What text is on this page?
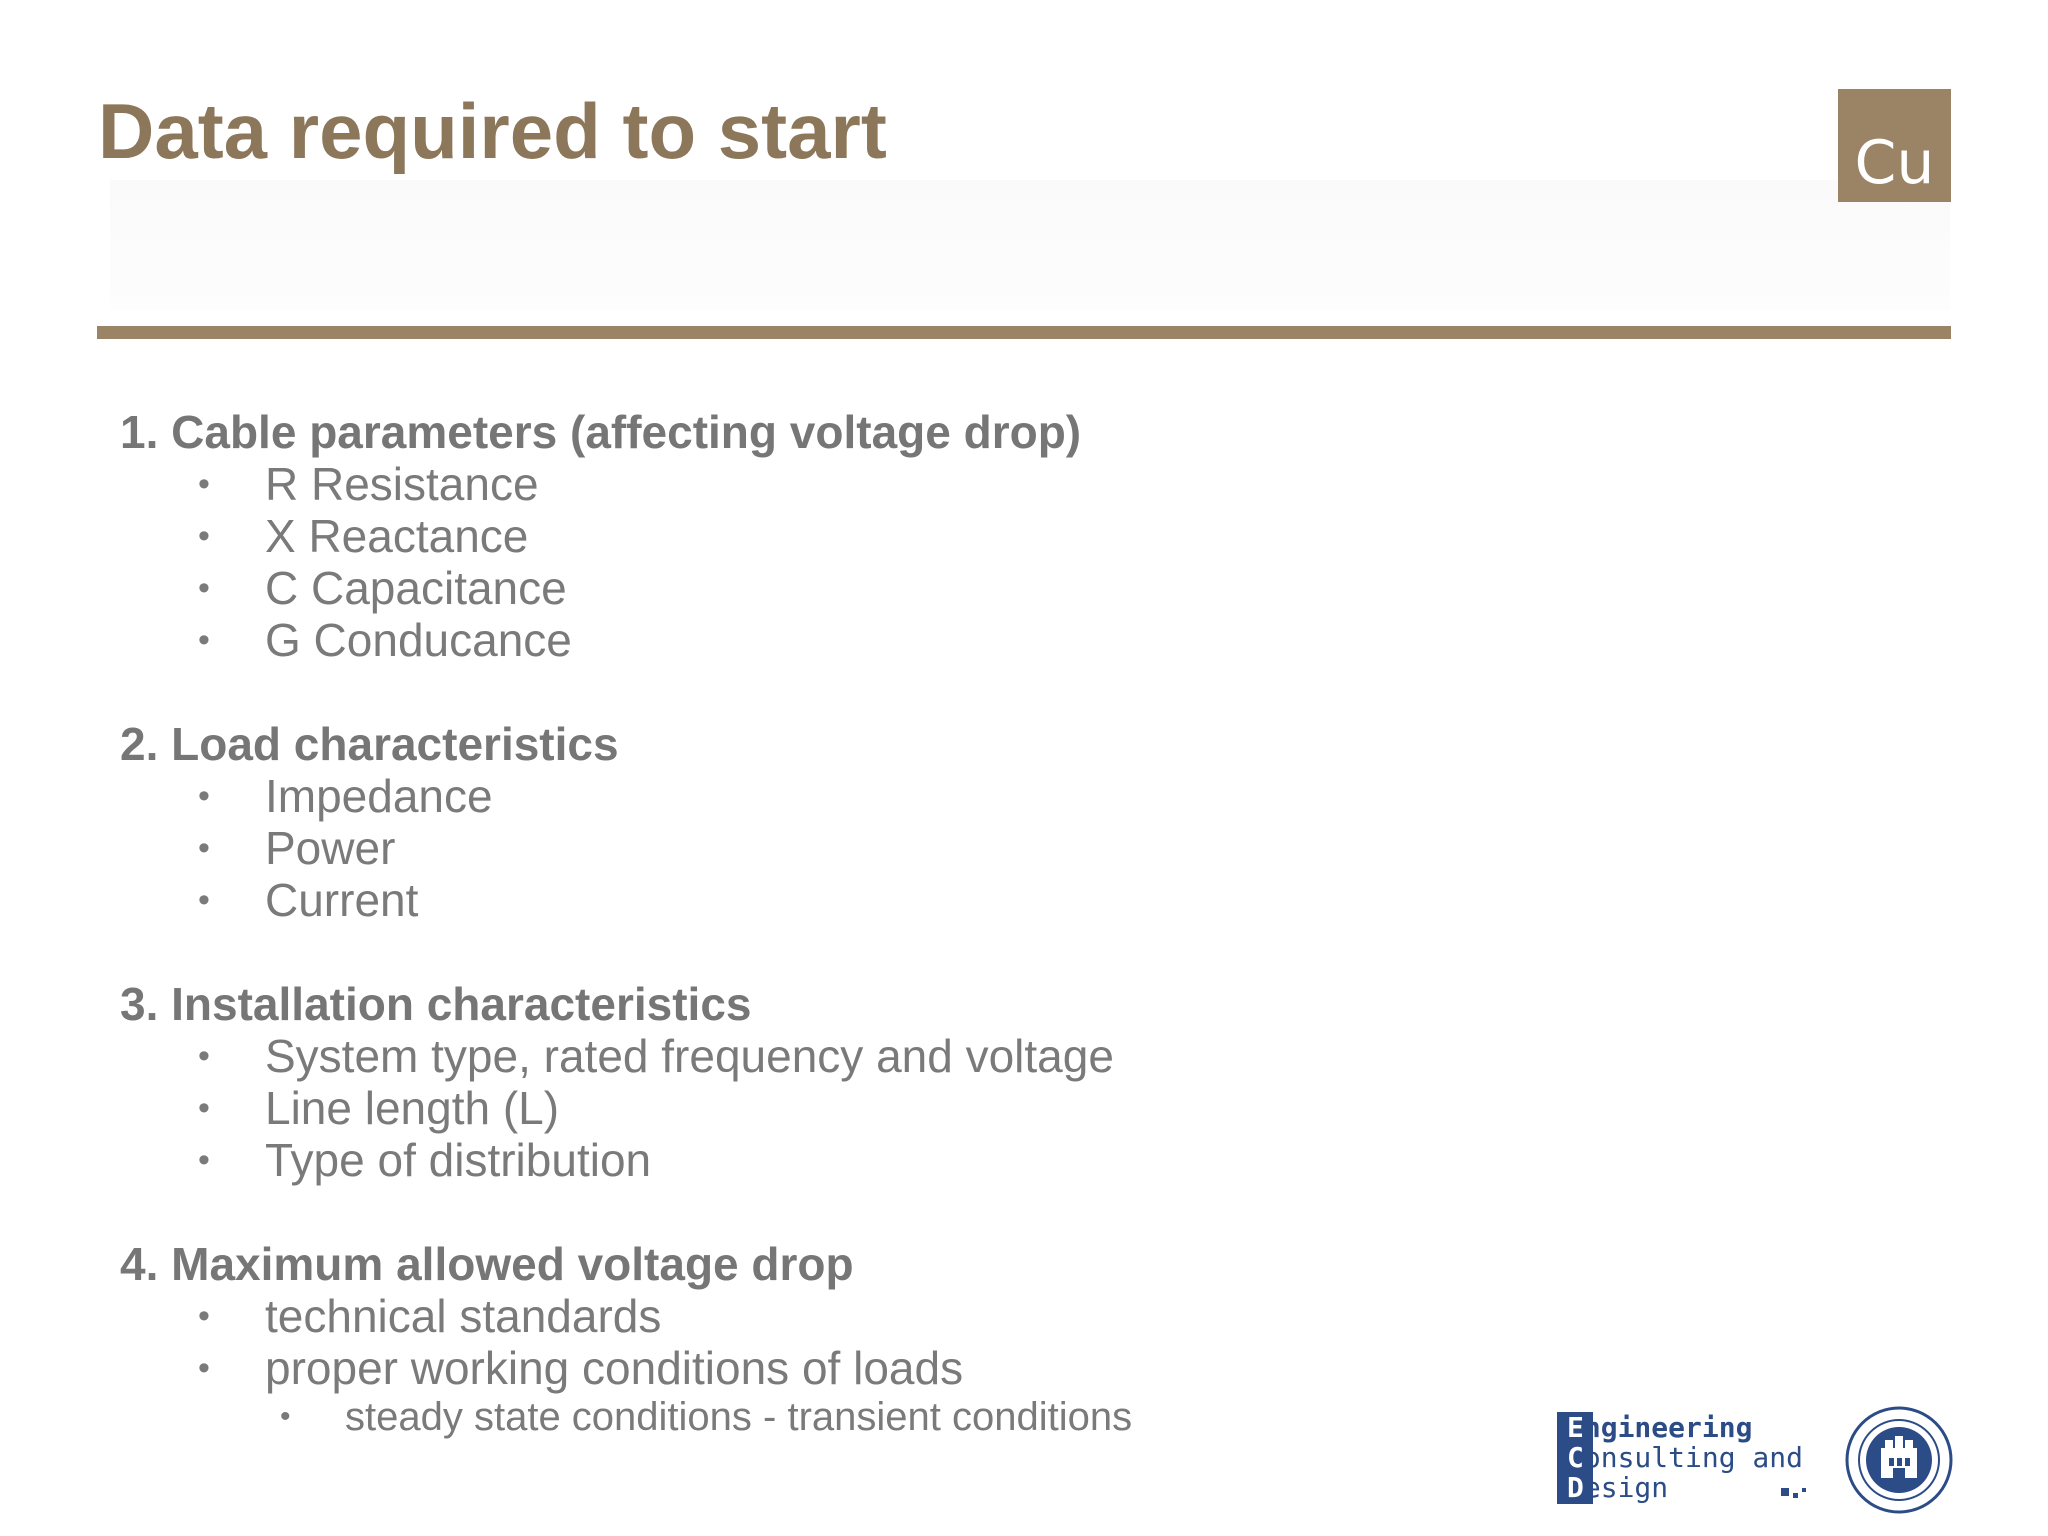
Data required to start	Cu
1. Cable parameters (affecting voltage drop)
• R Resistance
• X Reactance
• C Capacitance
• G Conducance
2. Load characteristics
• Impedance
• Power
• Current
3. Installation characteristics
• System type, rated frequency and voltage
• Line length (L)
• Type of distribution
4. Maximum allowed voltage drop
• technical standards
• proper working conditions of loads
• steady state conditions - transient conditions	Engineering
Consulting and
Design
